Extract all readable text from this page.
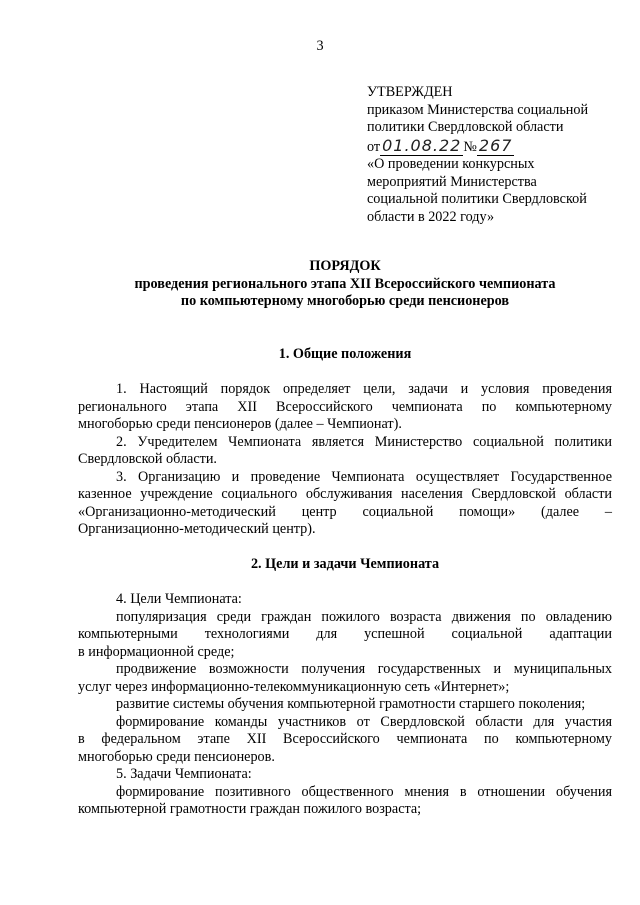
3
УТВЕРЖДЕН
приказом Министерства социальной
политики Свердловской области
от 01.08.22 № 267
«О проведении конкурсных
мероприятий Министерства
социальной политики Свердловской
области в 2022 году»
ПОРЯДОК
проведения регионального этапа XII Всероссийского чемпионата
по компьютерному многоборью среди пенсионеров
1. Общие положения
1. Настоящий порядок определяет цели, задачи и условия проведения
регионального этапа XII Всероссийского чемпионата по компьютерному
многоборью среди пенсионеров (далее – Чемпионат).
2. Учредителем Чемпионата является Министерство социальной политики
Свердловской области.
3. Организацию и проведение Чемпионата осуществляет Государственное
казенное учреждение социального обслуживания населения Свердловской области
«Организационно-методический центр социальной помощи» (далее –
Организационно-методический центр).
2. Цели и задачи Чемпионата
4. Цели Чемпионата:
популяризация среди граждан пожилого возраста движения по овладению
компьютерными технологиями для успешной социальной адаптации
в информационной среде;
продвижение возможности получения государственных и муниципальных
услуг через информационно-телекоммуникационную сеть «Интернет»;
развитие системы обучения компьютерной грамотности старшего поколения;
формирование команды участников от Свердловской области для участия
в федеральном этапе XII Всероссийского чемпионата по компьютерному
многоборью среди пенсионеров.
5. Задачи Чемпионата:
формирование позитивного общественного мнения в отношении обучения
компьютерной грамотности граждан пожилого возраста;
